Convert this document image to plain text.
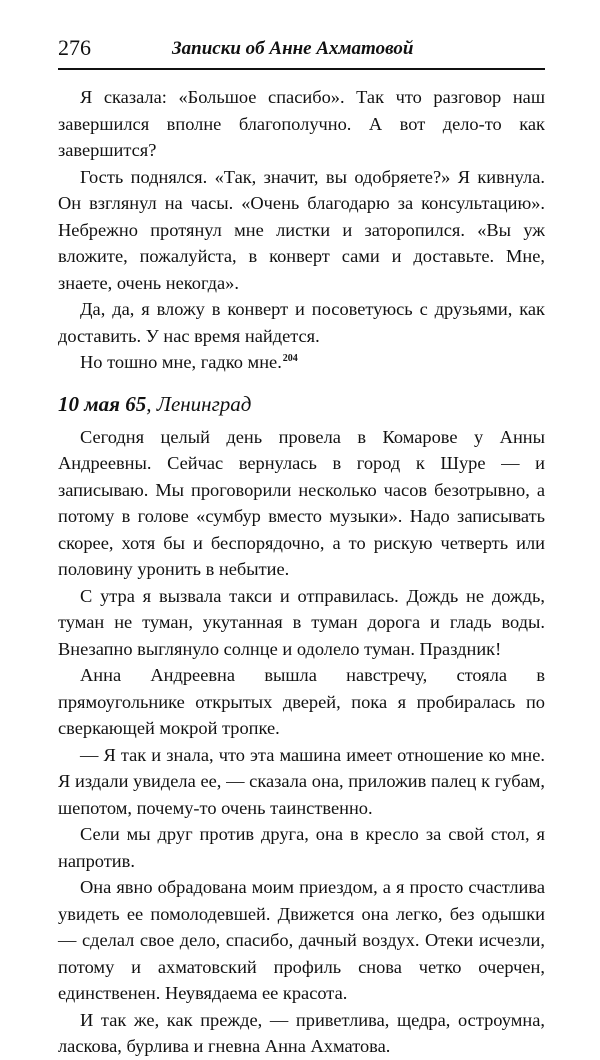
276	Записки об Анне Ахматовой

Я сказала: «Большое спасибо». Так что разговор наш завершился вполне благополучно. А вот дело-то как завершится?

Гость поднялся. «Так, значит, вы одобряете?» Я кивнула. Он взглянул на часы. «Очень благодарю за консультацию». Небрежно протянул мне листки и заторопился. «Вы уж вложите, пожалуйста, в конверт сами и доставьте. Мне, знаете, очень некогда».

Да, да, я вложу в конверт и посоветуюсь с друзьями, как доставить. У нас время найдется.

Но тошно мне, гадко мне.$^{204}$

10 мая 65, Ленинград

Сегодня целый день провела в Комарове у Анны Андреевны. Сейчас вернулась в город к Шуре — и записываю. Мы проговорили несколько часов безотрывно, а потому в голове «сумбур вместо музыки». Надо записывать скорее, хотя бы и беспорядочно, а то рискую четверть или половину уронить в небытие.

С утра я вызвала такси и отправилась. Дождь не дождь, туман не туман, укутанная в туман дорога и гладь воды. Внезапно выглянуло солнце и одолело туман. Праздник!

Анна Андреевна вышла навстречу, стояла в прямоугольнике открытых дверей, пока я пробиралась по сверкающей мокрой тропке.

— Я так и знала, что эта машина имеет отношение ко мне. Я издали увидела ее, — сказала она, приложив палец к губам, шепотом, почему-то очень таинственно.

Сели мы друг против друга, она в кресло за свой стол, я напротив.

Она явно обрадована моим приездом, а я просто счастлива увидеть ее помолодевшей. Движется она легко, без одышки — сделал свое дело, спасибо, дачный воздух. Отеки исчезли, потому и ахматовский профиль снова четко очерчен, единственен. Неувядаема ее красота.

И так же, как прежде, — приветлива, щедра, остроумна, ласкова, бурлива и гневна Анна Ахматова.
